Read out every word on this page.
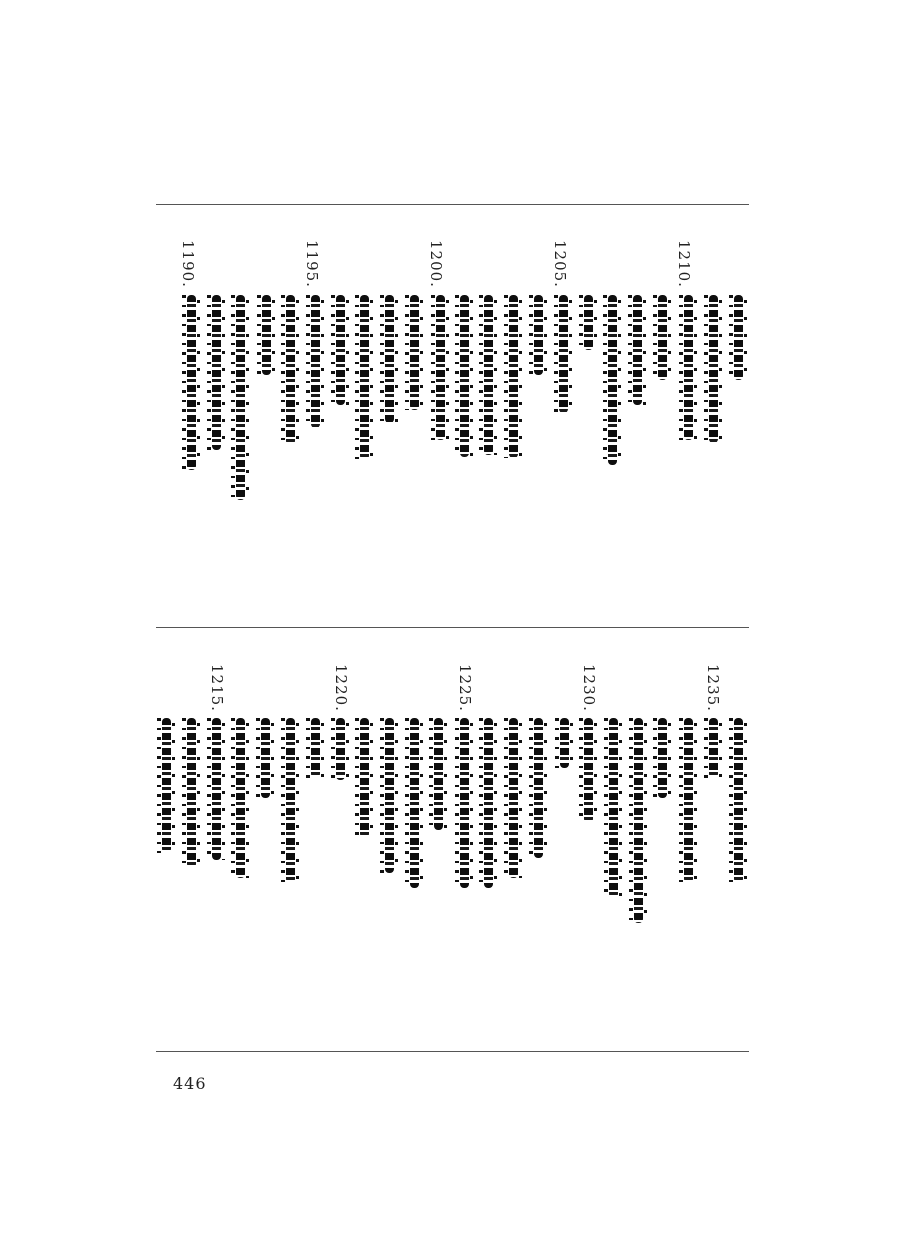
1190.	1195.	1200.	1205.	1210.
1215.	1220.	1225.	1230.	1235.
446
